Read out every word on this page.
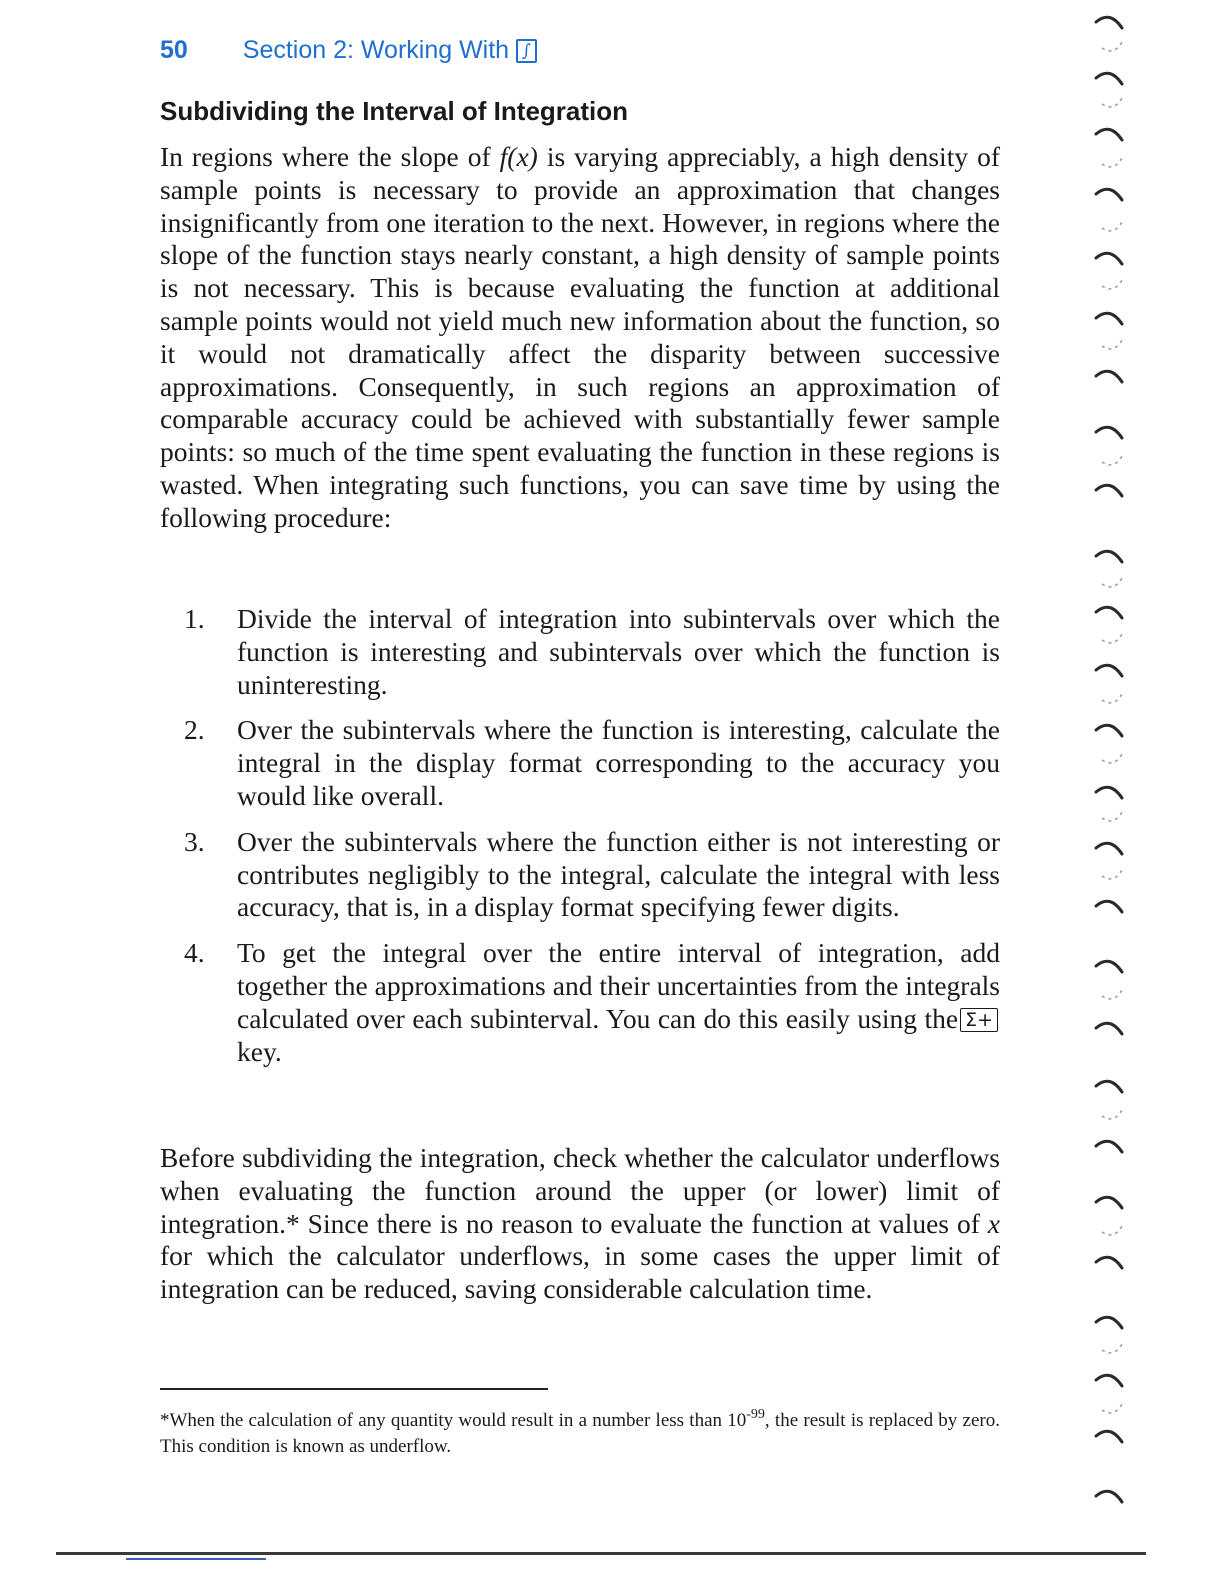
50 Section 2: Working With ∫
Subdividing the Interval of Integration

In regions where the slope of f(x) is varying appreciably, a high density of sample points is necessary to provide an approximation that changes insignificantly from one iteration to the next. However, in regions where the slope of the function stays nearly constant, a high density of sample points is not necessary. This is because evaluating the function at additional sample points would not yield much new information about the function, so it would not dramatically affect the disparity between successive approximations. Consequently, in such regions an approximation of comparable accuracy could be achieved with substantially fewer sample points: so much of the time spent evaluating the function in these regions is wasted. When integrating such functions, you can save time by using the following procedure:

1. Divide the interval of integration into subintervals over which the function is interesting and subintervals over which the function is uninteresting.
2. Over the subintervals where the function is interesting, calculate the integral in the display format corresponding to the accuracy you would like overall.
3. Over the subintervals where the function either is not interesting or contributes negligibly to the integral, calculate the integral with less accuracy, that is, in a display format specifying fewer digits.
4. To get the integral over the entire interval of integration, add together the approximations and their uncertainties from the integrals calculated over each subinterval. You can do this easily using the Σ+key.

Before subdividing the integration, check whether the calculator underflows when evaluating the function around the upper (or lower) limit of integration.* Since there is no reason to evaluate the function at values of x for which the calculator underflows, in some cases the upper limit of integration can be reduced, saving considerable calculation time.

*When the calculation of any quantity would result in a number less than $10^{-99}$, the result is replaced by zero. This condition is known as underflow.
